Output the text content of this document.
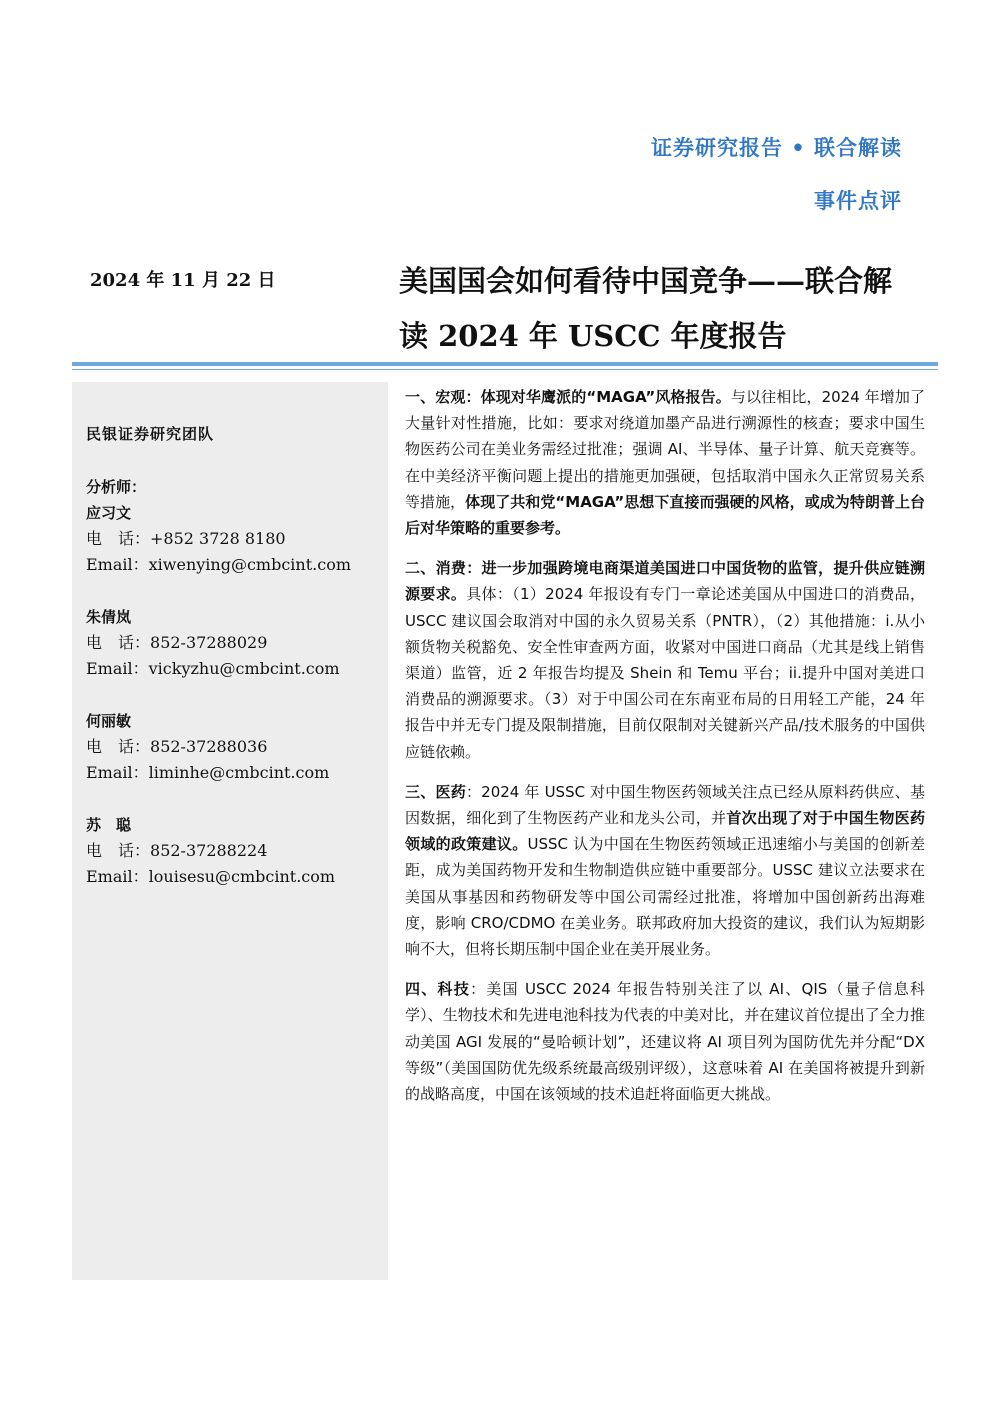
证券研究报告 • 联合解读
事件点评
2024 年 11 月 22 日	美国国会如何看待中国竞争——联合解
读 2024 年 USCC 年度报告
民银证券研究团队
分析师：
应习文
电　话：+852 3728 8180
Email：xiwenying@cmbcint.com
朱倩岚
电　话：852-37288029
Email：vickyzhu@cmbcint.com
何丽敏
电　话：852-37288036
Email：liminhe@cmbcint.com
苏　聪
电　话：852-37288224
Email：louisesu@cmbcint.com

一、宏观：体现对华鹰派的“MAGA”风格报告。与以往相比，2024 年增加了大量针对性措施，比如：要求对绕道加墨产品进行溯源性的核查；要求中国生物医药公司在美业务需经过批准；强调 AI、半导体、量子计算、航天竞赛等。在中美经济平衡问题上提出的措施更加强硬，包括取消中国永久正常贸易关系等措施，体现了共和党“MAGA”思想下直接而强硬的风格，或成为特朗普上台后对华策略的重要参考。

二、消费：进一步加强跨境电商渠道美国进口中国货物的监管，提升供应链溯源要求。具体：（1）2024 年报设有专门一章论述美国从中国进口的消费品，USCC 建议国会取消对中国的永久贸易关系（PNTR），（2）其他措施：i.从小额货物关税豁免、安全性审查两方面，收紧对中国进口商品（尤其是线上销售渠道）监管，近 2 年报告均提及 Shein 和 Temu 平台；ii.提升中国对美进口消费品的溯源要求。（3）对于中国公司在东南亚布局的日用轻工产能，24 年报告中并无专门提及限制措施，目前仅限制对关键新兴产品/技术服务的中国供应链依赖。

三、医药：2024 年 USSC 对中国生物医药领域关注点已经从原料药供应、基因数据，细化到了生物医药产业和龙头公司，并首次出现了对于中国生物医药领域的政策建议。USSC 认为中国在生物医药领域正迅速缩小与美国的创新差距，成为美国药物开发和生物制造供应链中重要部分。USSC 建议立法要求在美国从事基因和药物研发等中国公司需经过批准，将增加中国创新药出海难度，影响 CRO/CDMO 在美业务。联邦政府加大投资的建议，我们认为短期影响不大，但将长期压制中国企业在美开展业务。

四、科技：美国 USCC 2024 年报告特别关注了以 AI、QIS（量子信息科学）、生物技术和先进电池科技为代表的中美对比，并在建议首位提出了全力推动美国 AGI 发展的“曼哈顿计划”，还建议将 AI 项目列为国防优先并分配“DX 等级”（美国国防优先级系统最高级别评级），这意味着 AI 在美国将被提升到新的战略高度，中国在该领域的技术追赶将面临更大挑战。
